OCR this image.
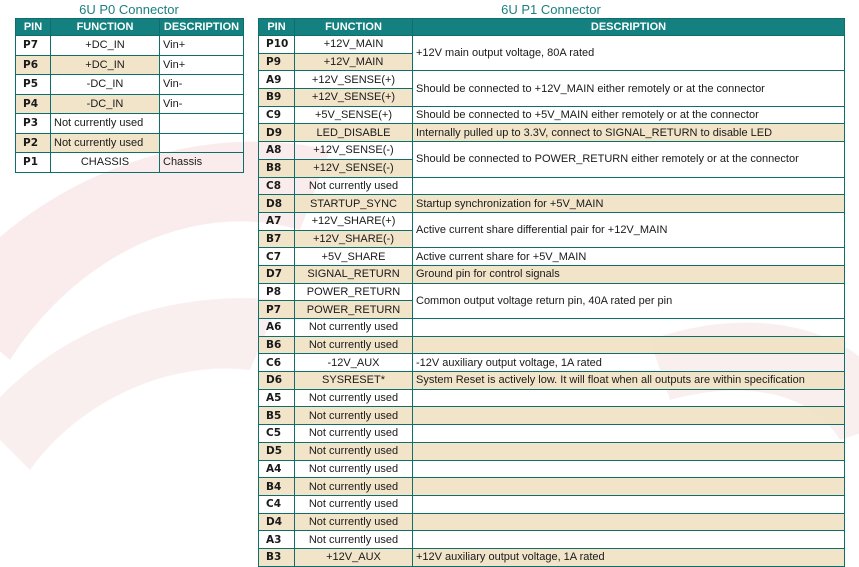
6U P0 Connector
PIN	FUNCTION	DESCRIPTION
P7	+DC_IN	Vin+
P6	+DC_IN	Vin+
P5	-DC_IN	Vin-
P4	-DC_IN	Vin-
P3	Not currently used	
P2	Not currently used	
P1	CHASSIS	Chassis
6U P1 Connector
PIN	FUNCTION	DESCRIPTION
P10	+12V_MAIN	+12V main output voltage, 80A rated
P9	+12V_MAIN	
A9	+12V_SENSE(+)	Should be connected to +12V_MAIN either remotely or at the connector
B9	+12V_SENSE(+)	
C9	+5V_SENSE(+)	Should be connected to +5V_MAIN either remotely or at the connector
D9	LED_DISABLE	Internally pulled up to 3.3V, connect to SIGNAL_RETURN to disable LED
A8	+12V_SENSE(-)	Should be connected to POWER_RETURN either remotely or at the connector
B8	+12V_SENSE(-)	
C8	Not currently used	
D8	STARTUP_SYNC	Startup synchronization for +5V_MAIN
A7	+12V_SHARE(+)	Active current share differential pair for +12V_MAIN
B7	+12V_SHARE(-)	
C7	+5V_SHARE	Active current share for +5V_MAIN
D7	SIGNAL_RETURN	Ground pin for control signals
P8	POWER_RETURN	Common output voltage return pin, 40A rated per pin
P7	POWER_RETURN	
A6	Not currently used	
B6	Not currently used	
C6	-12V_AUX	-12V auxiliary output voltage, 1A rated
D6	SYSRESET*	System Reset is actively low. It will float when all outputs are within specification
A5	Not currently used	
B5	Not currently used	
C5	Not currently used	
D5	Not currently used	
A4	Not currently used	
B4	Not currently used	
C4	Not currently used	
D4	Not currently used	
A3	Not currently used	
B3	+12V_AUX	+12V auxiliary output voltage, 1A rated
